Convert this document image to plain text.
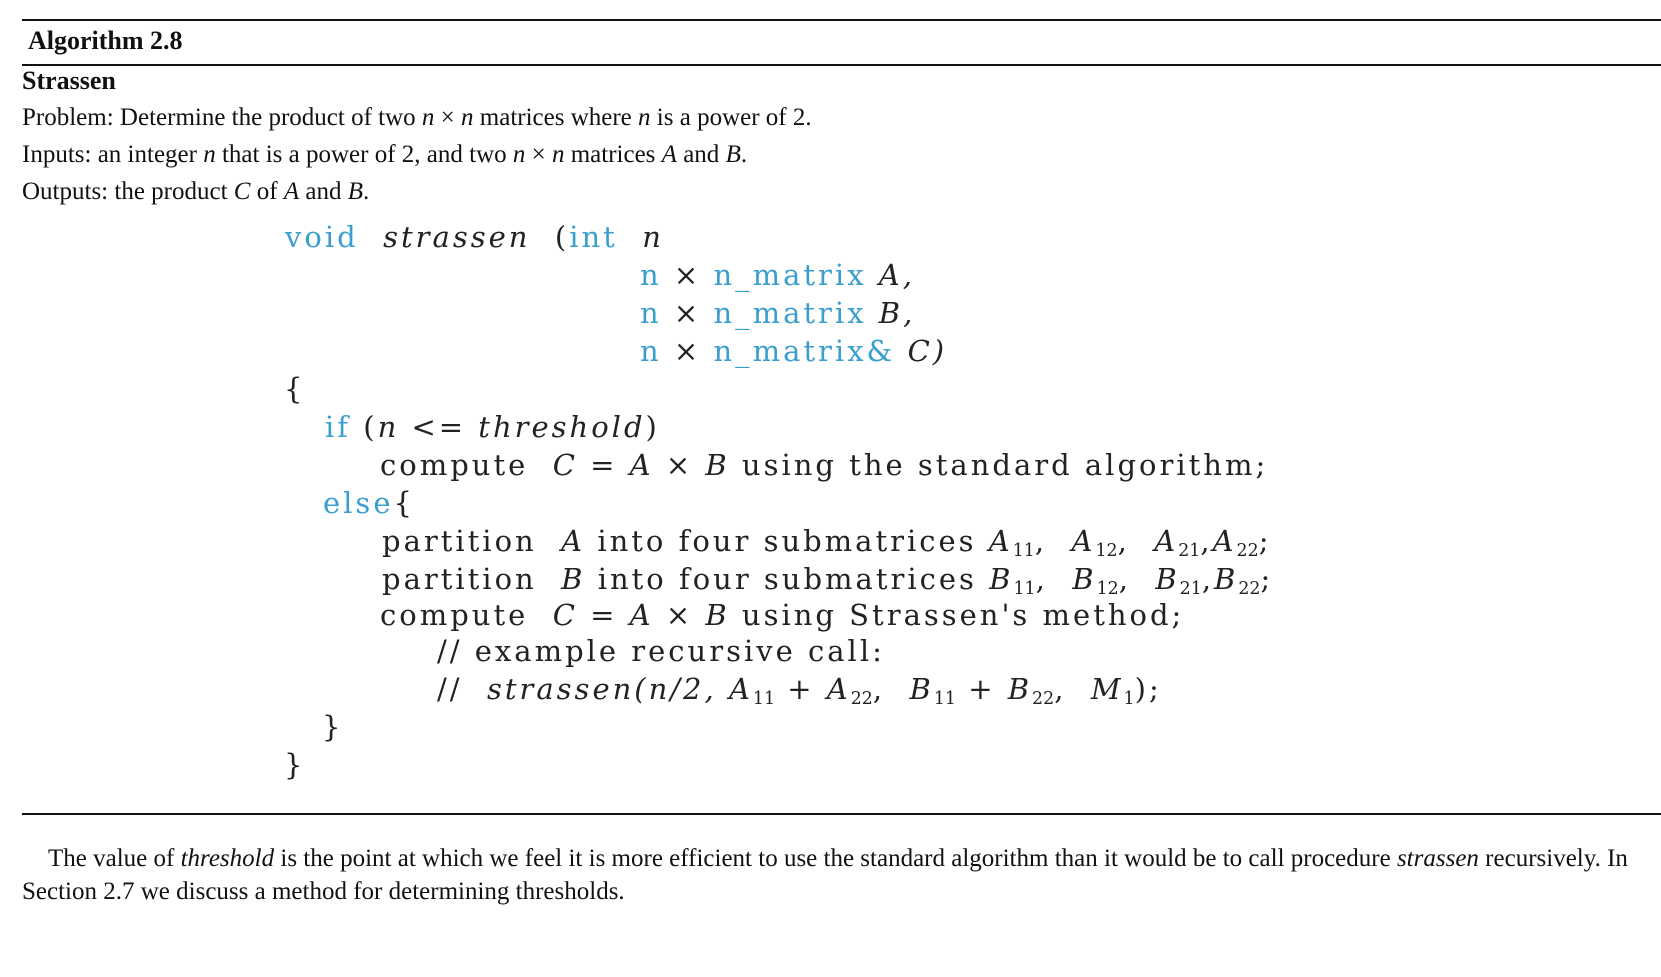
Algorithm 2.8
Strassen
Problem: Determine the product of two n × n matrices where n is a power of 2.
Inputs: an integer n that is a power of 2, and two n × n matrices A and B.
Outputs: the product C of A and B.
void strassen (int n
n × n_matrix A,
n × n_matrix B,
n × n_matrix& C)
{
if (n <= threshold)
compute C = A × B using the standard algorithm;
else{
partition A into four submatrices $A_{11}$,  $A_{12}$,  $A_{21},A_{22}$;
partition B into four submatrices $B_{11}$,  $B_{12}$,  $B_{21},B_{22}$;
compute C = A × B using Strassen's method;
// example recursive call:
// strassen(n/2, $A_{11} + A_{22}$,  $B_{11} + B_{22}$,  $M_1$);
}
}
The value of threshold is the point at which we feel it is more efficient to use the standard algorithm than it would be to call procedure strassen recursively. In Section 2.7 we discuss a method for determining thresholds.
